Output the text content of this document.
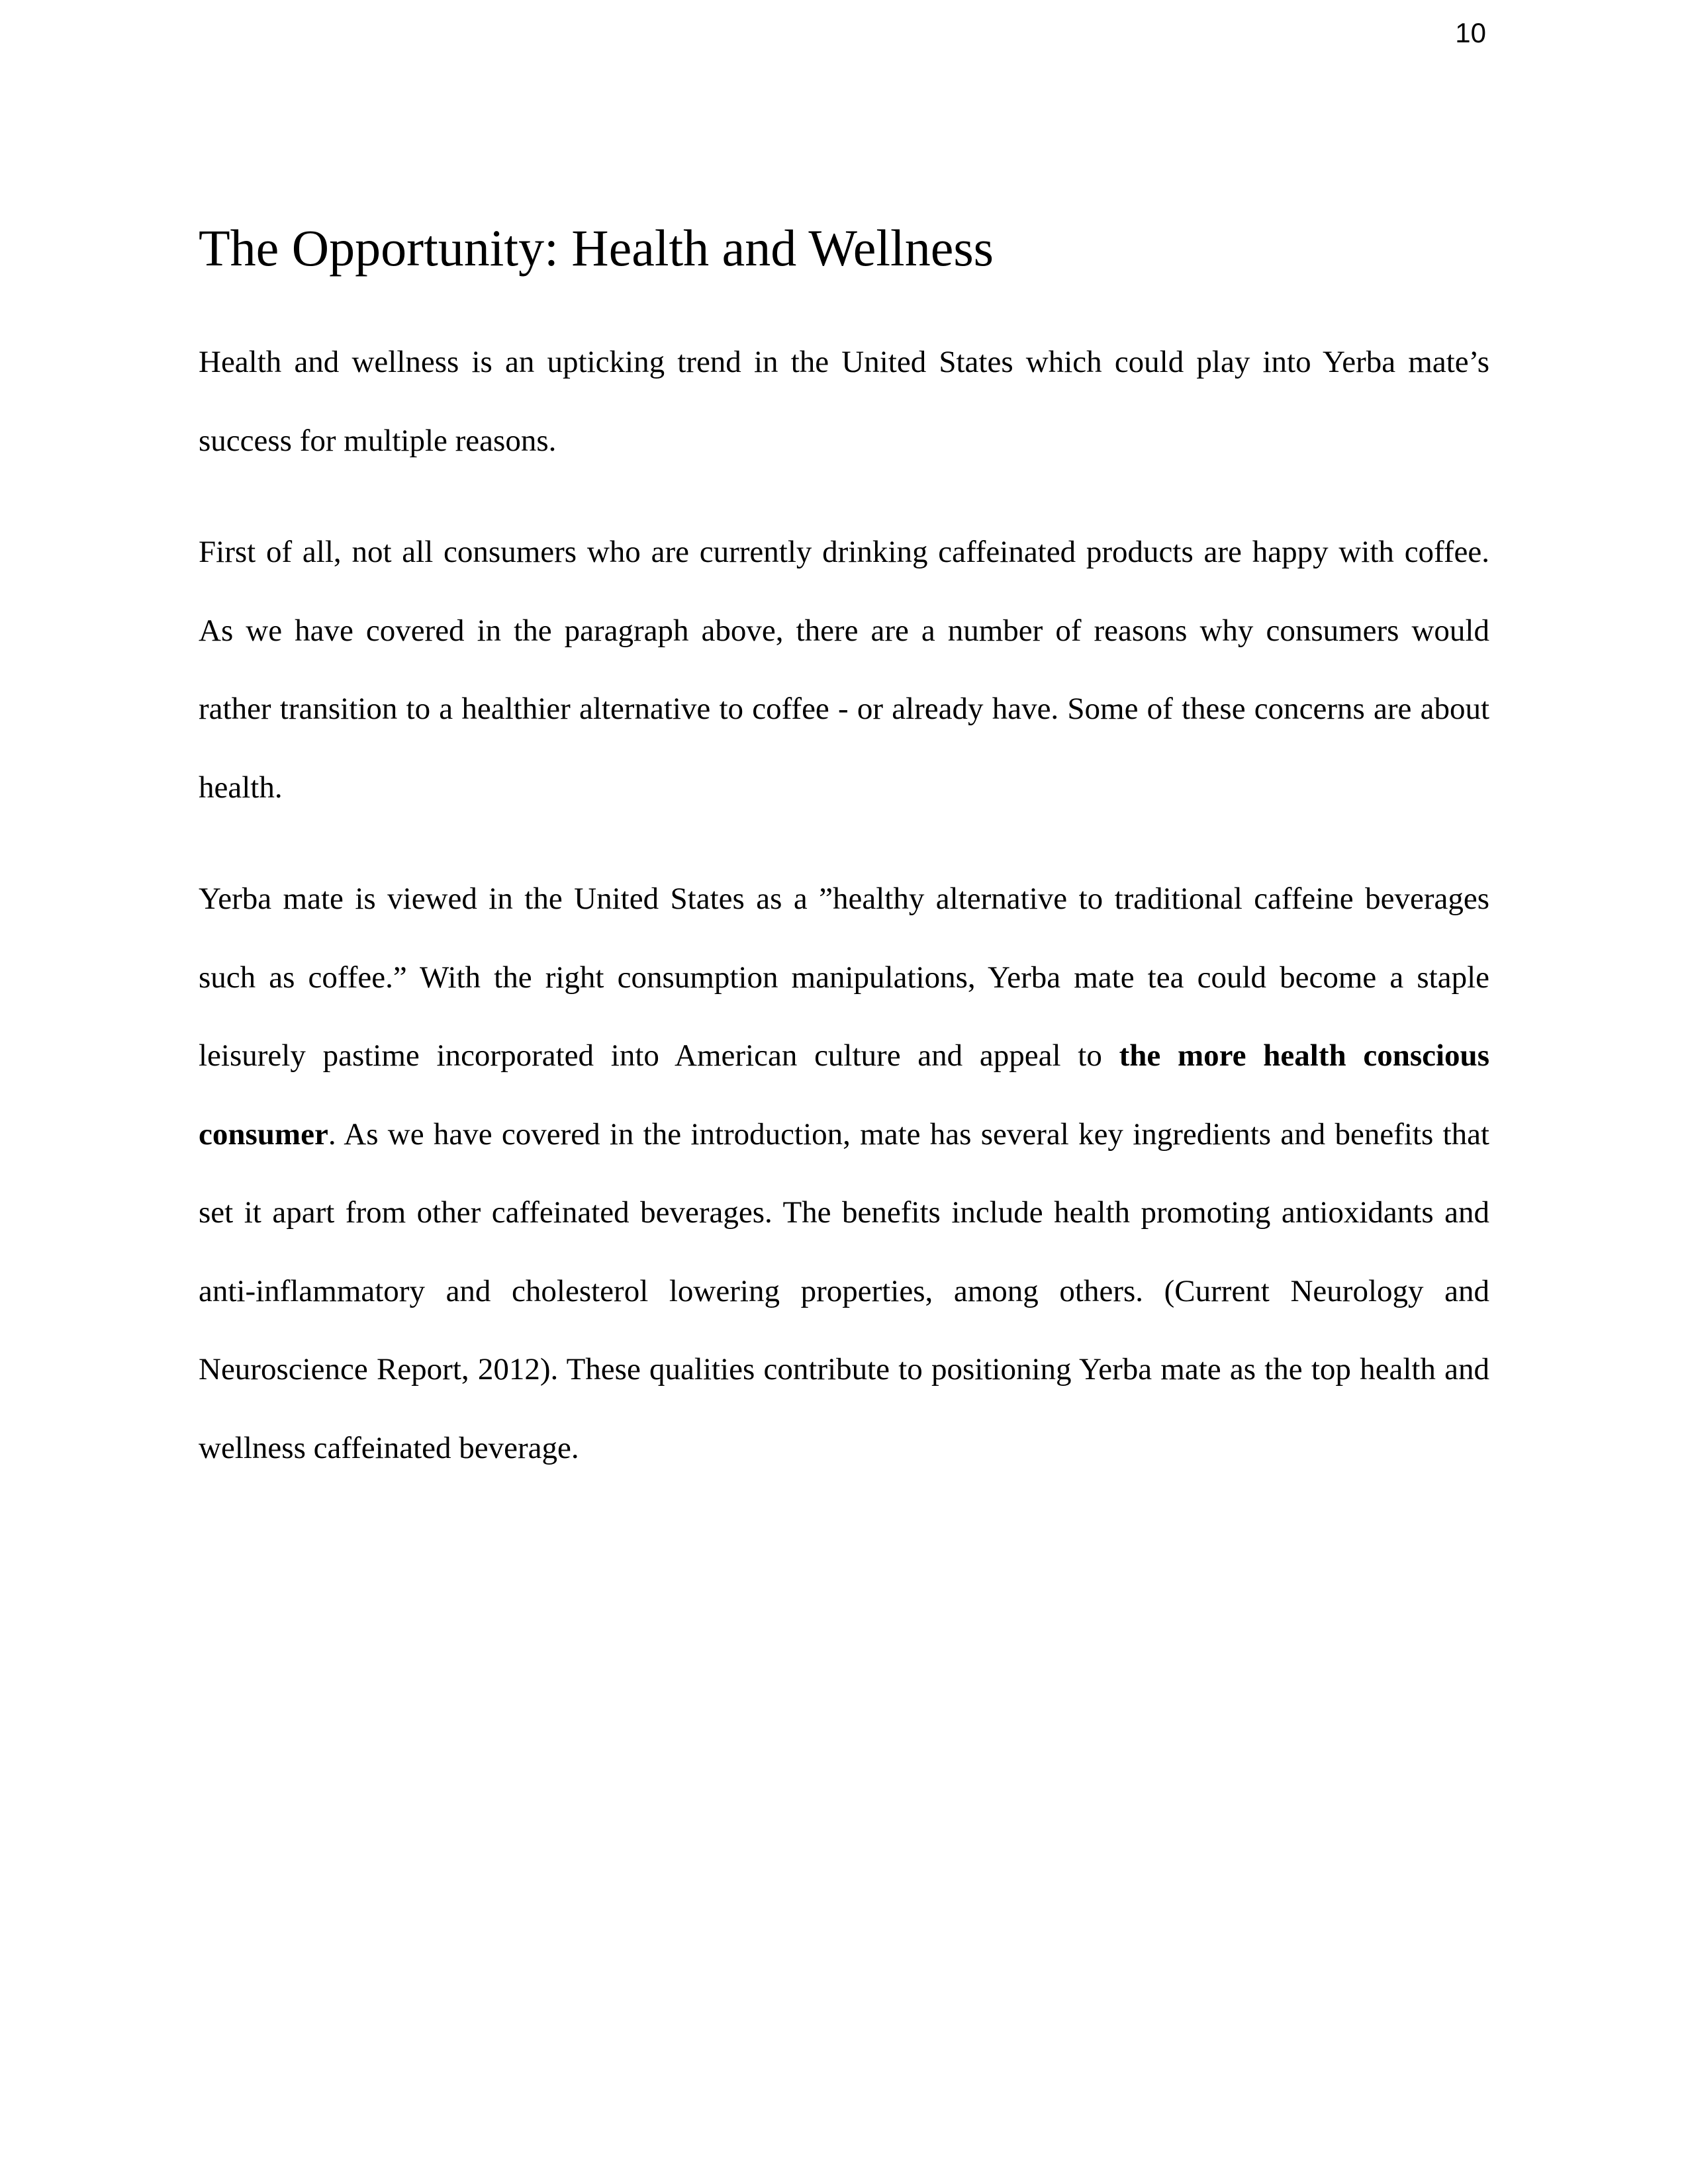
10
The Opportunity: Health and Wellness

Health and wellness is an upticking trend in the United States which could play into Yerba mate’s success for multiple reasons.

First of all, not all consumers who are currently drinking caffeinated products are happy with coffee. As we have covered in the paragraph above, there are a number of reasons why consumers would rather transition to a healthier alternative to coffee - or already have. Some of these concerns are about health.

Yerba mate is viewed in the United States as a ”healthy alternative to traditional caffeine beverages such as coffee.” With the right consumption manipulations, Yerba mate tea could become a staple leisurely pastime incorporated into American culture and appeal to the more health conscious consumer. As we have covered in the introduction, mate has several key ingredients and benefits that set it apart from other caffeinated beverages. The benefits include health promoting antioxidants and anti-inflammatory and cholesterol lowering properties, among others. (Current Neurology and Neuroscience Report, 2012). These qualities contribute to positioning Yerba mate as the top health and wellness caffeinated beverage.
